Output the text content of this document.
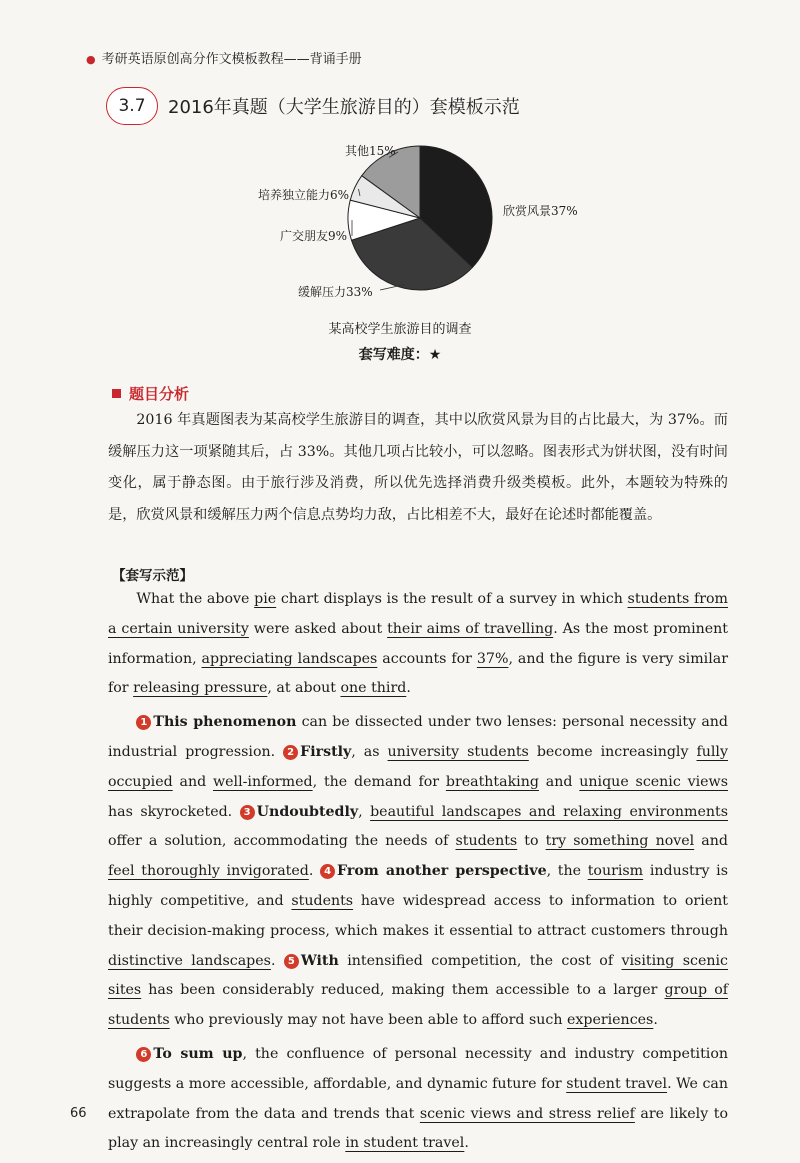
● 考研英语原创高分作文模板教程——背诵手册
3.7	2016年真题（大学生旅游目的）套模板示范
欣赏风景37%
缓解压力33%
广交朋友9%
培养独立能力6%
其他15%
某高校学生旅游目的调查
套写难度：★
题目分析

2016 年真题图表为某高校学生旅游目的调查，其中以欣赏风景为目的占比最大，为 37%。而缓解压力这一项紧随其后，占 33%。其他几项占比较小，可以忽略。图表形式为饼状图，没有时间变化，属于静态图。由于旅行涉及消费，所以优先选择消费升级类模板。此外，本题较为特殊的是，欣赏风景和缓解压力两个信息点势均力敌，占比相差不大，最好在论述时都能覆盖。

【套写示范】

What the above pie chart displays is the result of a survey in which students from a certain university were asked about their aims of travelling. As the most prominent information, appreciating landscapes accounts for 37%, and the figure is very similar for releasing pressure, at about one third.

1 This phenomenon can be dissected under two lenses: personal necessity and industrial progression. 2 Firstly, as university students become increasingly fully occupied and well-informed, the demand for breathtaking and unique scenic views has skyrocketed. 3 Undoubtedly, beautiful landscapes and relaxing environments offer a solution, accommodating the needs of students to try something novel and feel thoroughly invigorated. 4 From another perspective, the tourism industry is highly competitive, and students have widespread access to information to orient their decision-making process, which makes it essential to attract customers through distinctive landscapes. 5 With intensified competition, the cost of visiting scenic sites has been considerably reduced, making them accessible to a larger group of students who previously may not have been able to afford such experiences.

6 To sum up, the confluence of personal necessity and industry competition suggests a more accessible, affordable, and dynamic future for student travel. We can extrapolate from the data and trends that scenic views and stress relief are likely to play an increasingly central role in student travel.

66
